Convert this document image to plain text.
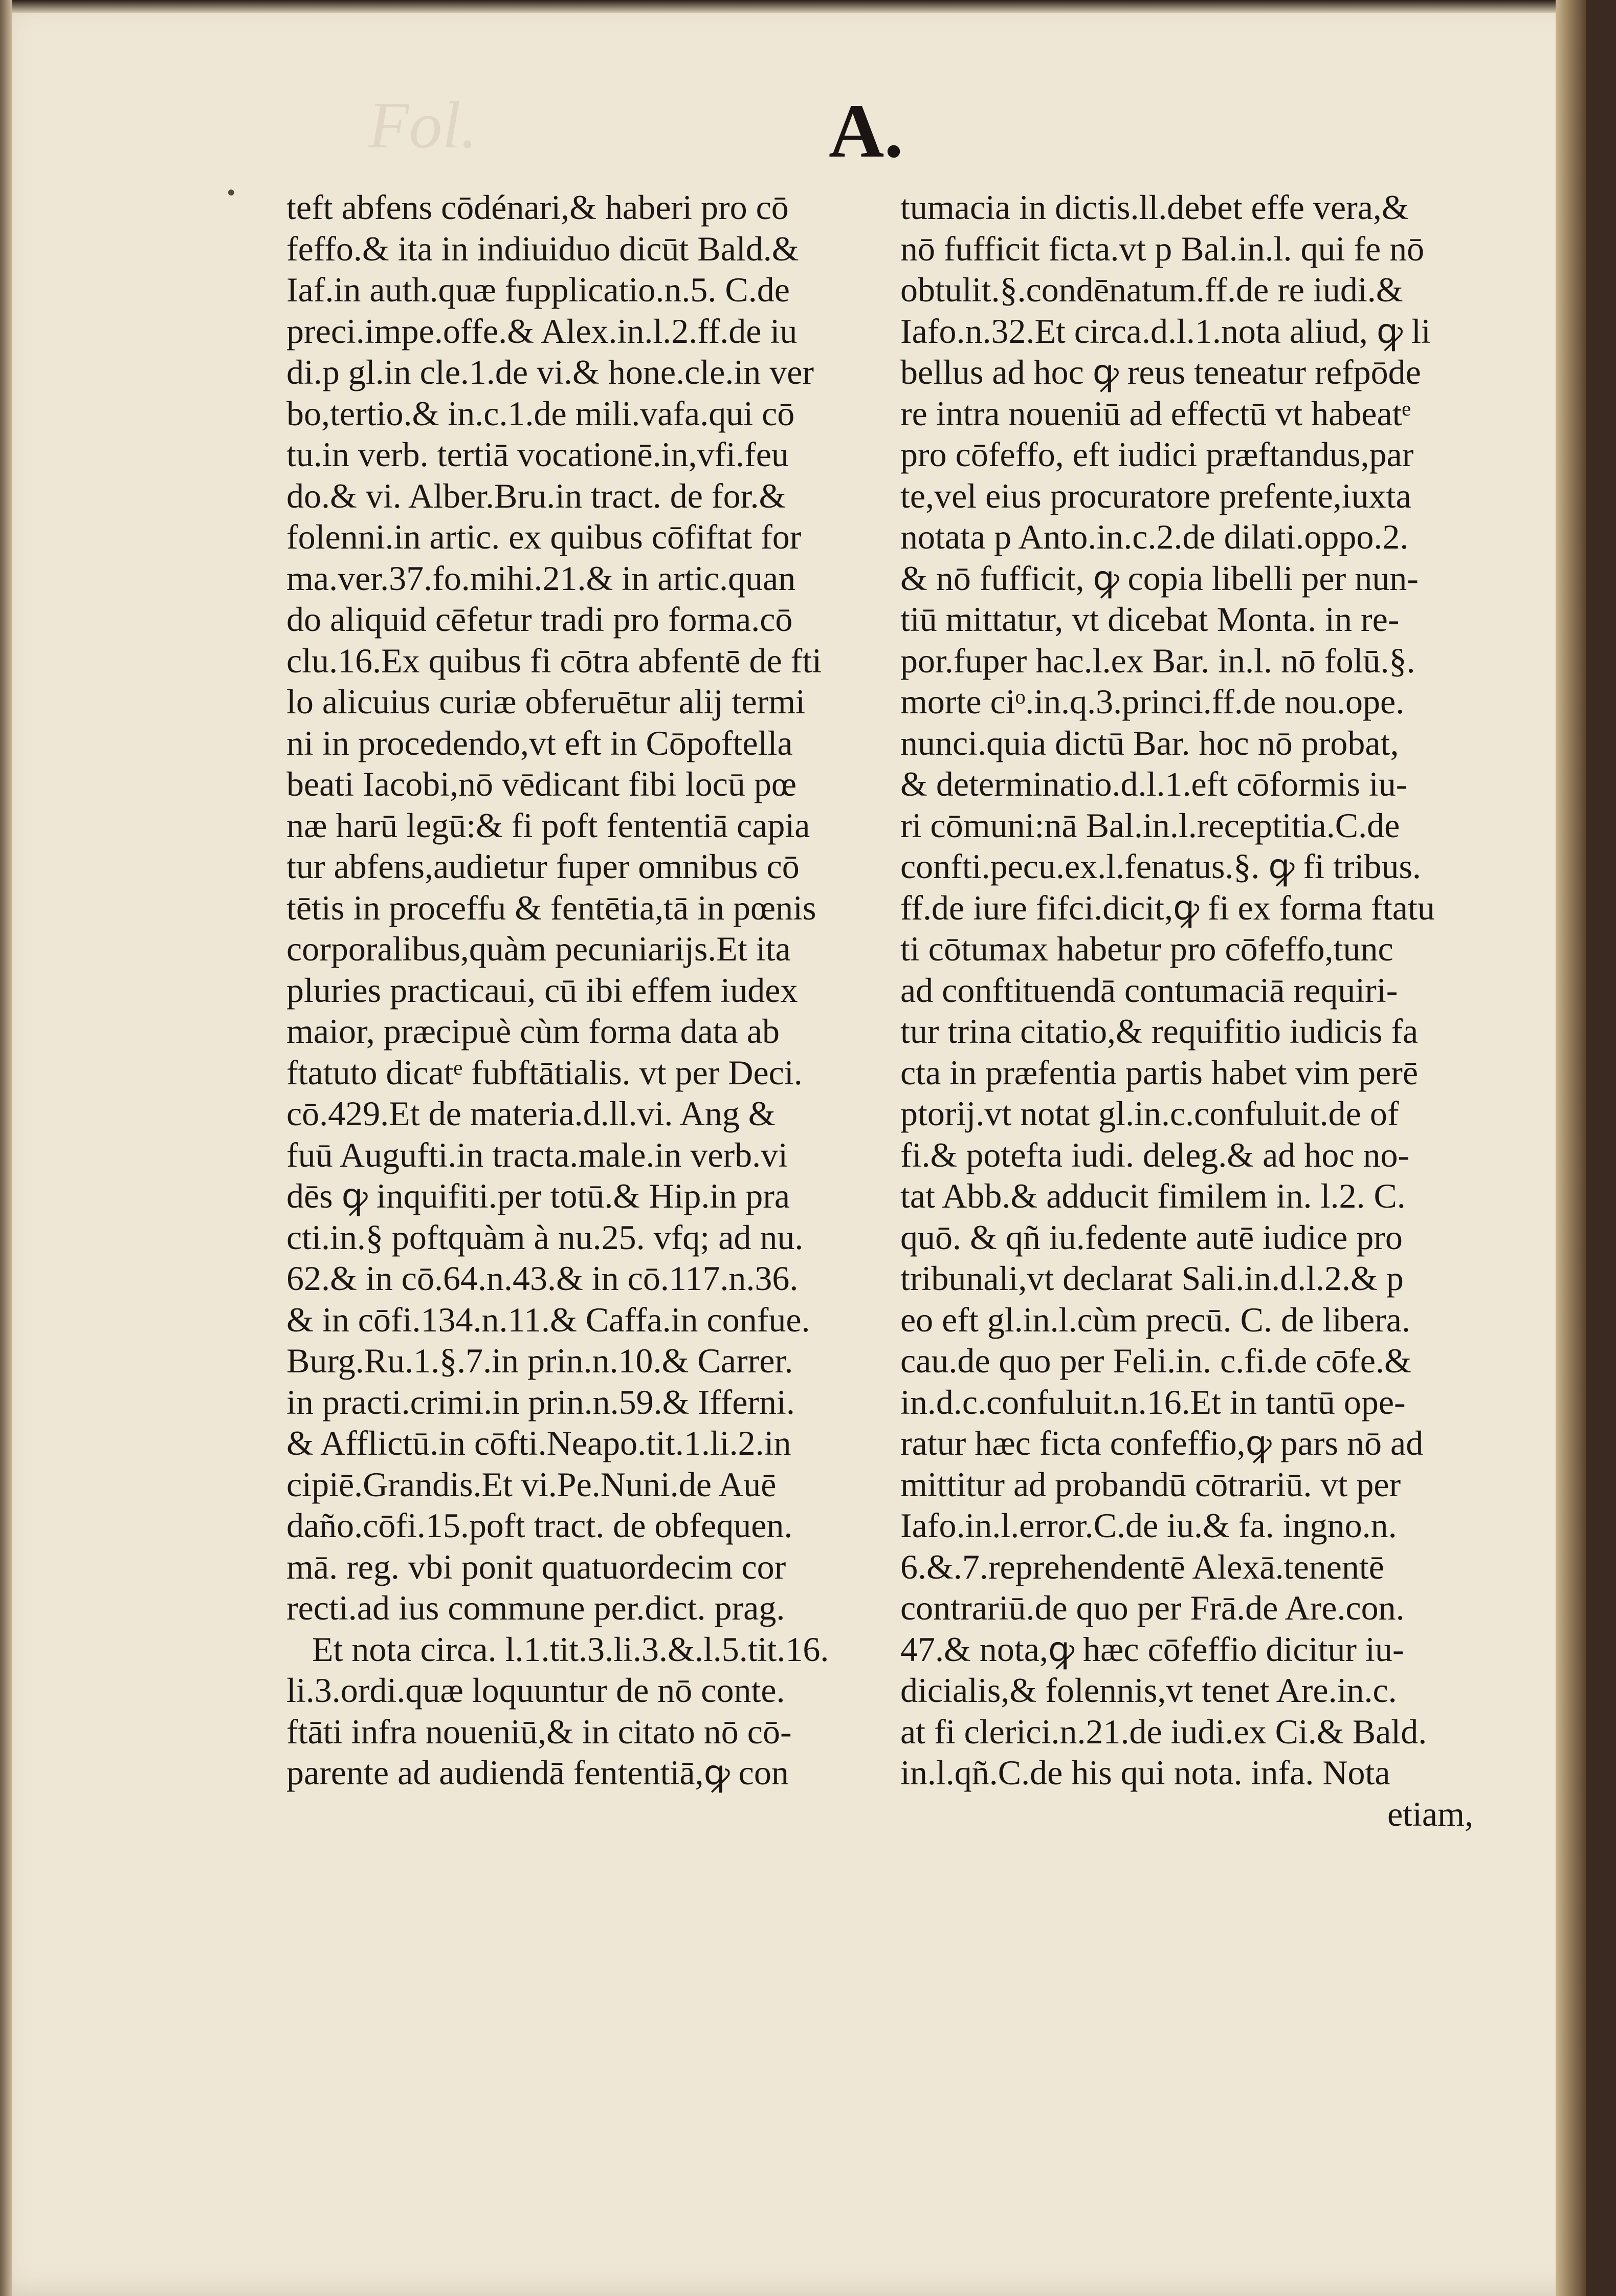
Fol.	A.
• teft abfens cōdénari,& haberi pro cō
feffo.& ita in indiuiduo dicūt Bald.&
Iaf.in auth.quæ fupplicatio.n.5. C.de
preci.impe.offe.& Alex.in.l.2.ff.de iu
di.p gl.in cle.1.de vi.& hone.cle.in ver
bo,tertio.& in.c.1.de mili.vafa.qui cō
tu.in verb. tertiā vocationē.in,vfi.feu
do.& vi. Alber.Bru.in tract. de for.&
folenni.in artic. ex quibus cōfiftat for
ma.ver.37.fo.mihi.21.& in artic.quan
do aliquid cēfetur tradi pro forma.cō
clu.16.Ex quibus fi cōtra abfentē de fti
lo alicuius curiæ obferuētur alij termi
ni in procedendo,vt eft in Cōpoftella
beati Iacobi,nō vēdicant fibi locū pœ
næ harū legū:& fi poft fententiā capia
tur abfens,audietur fuper omnibus cō
tētis in proceffu & fentētia,tā in pœnis
corporalibus,quàm pecuniarijs.Et ita
pluries practicaui, cū ibi effem iudex
maior, præcipuè cùm forma data ab
ftatuto dicatᵉ fubftātialis. vt per Deci.
cō.429.Et de materia.d.ll.vi. Ang &
fuū Augufti.in tracta.male.in verb.vi
dēs ꝙ inquifiti.per totū.& Hip.in pra
cti.in.§ poftquàm à nu.25. vfq; ad nu.
62.& in cō.64.n.43.& in cō.117.n.36.
& in cōfi.134.n.11.& Caffa.in confue.
Burg.Ru.1.§.7.in prin.n.10.& Carrer.
in practi.crimi.in prin.n.59.& Ifferni.
& Afflictū.in cōfti.Neapo.tit.1.li.2.in
cipiē.Grandis.Et vi.Pe.Nuni.de Auē
daño.cōfi.15.poft tract. de obfequen.
mā. reg. vbi ponit quatuordecim cor
recti.ad ius commune per.dict. prag.
Et nota circa. l.1.tit.3.li.3.&.l.5.tit.16.
li.3.ordi.quæ loquuntur de nō conte.
ftāti infra noueniū,& in citato nō cō-
parente ad audiendā fententiā,ꝙ con
tumacia in dictis.ll.debet effe vera,&
nō fufficit ficta.vt p Bal.in.l. qui fe nō
obtulit.§.condēnatum.ff.de re iudi.&
Iafo.n.32.Et circa.d.l.1.nota aliud, ꝙ li
bellus ad hoc ꝙ reus teneatur refpōde
re intra noueniū ad effectū vt habeatᵉ
pro cōfeffo, eft iudici præftandus,par
te,vel eius procuratore prefente,iuxta
notata p Anto.in.c.2.de dilati.oppo.2.
& nō fufficit, ꝙ copia libelli per nun-
tiū mittatur, vt dicebat Monta. in re-
por.fuper hac.l.ex Bar. in.l. nō folū.§.
morte ciᵒ.in.q.3.princi.ff.de nou.ope.
nunci.quia dictū Bar. hoc nō probat,
& determinatio.d.l.1.eft cōformis iu-
ri cōmuni:nā Bal.in.l.receptitia.C.de
confti.pecu.ex.l.fenatus.§. ꝙ fi tribus.
ff.de iure fifci.dicit,ꝙ fi ex forma ftatu
ti cōtumax habetur pro cōfeffo,tunc
ad conftituendā contumaciā requiri-
tur trina citatio,& requifitio iudicis fa
cta in præfentia partis habet vim perē
ptorij.vt notat gl.in.c.confuluit.de of
fi.& poteftа iudi. deleg.& ad hoc no-
tat Abb.& adducit fimilem in. l.2. C.
quō. & qñ iu.fedente autē iudice pro
tribunali,vt declarat Sali.in.d.l.2.& p
eo eft gl.in.l.cùm precū. C. de libera.
cau.de quo per Feli.in. c.fi.de cōfe.&
in.d.c.confuluit.n.16.Et in tantū ope-
ratur hæc ficta confeffio,ꝙ pars nō ad
mittitur ad probandū cōtrariū. vt per
Iafo.in.l.error.C.de iu.& fa. ingno.n.
6.&.7.reprehendentē Alexā.tenentē
contrariū.de quo per Frā.de Are.con.
47.& nota,ꝙ hæc cōfeffio dicitur iu-
dicialis,& folennis,vt tenet Are.in.c.
at fi clerici.n.21.de iudi.ex Ci.& Bald.
in.l.qñ.C.de his qui nota. infa. Nota
etiam,
